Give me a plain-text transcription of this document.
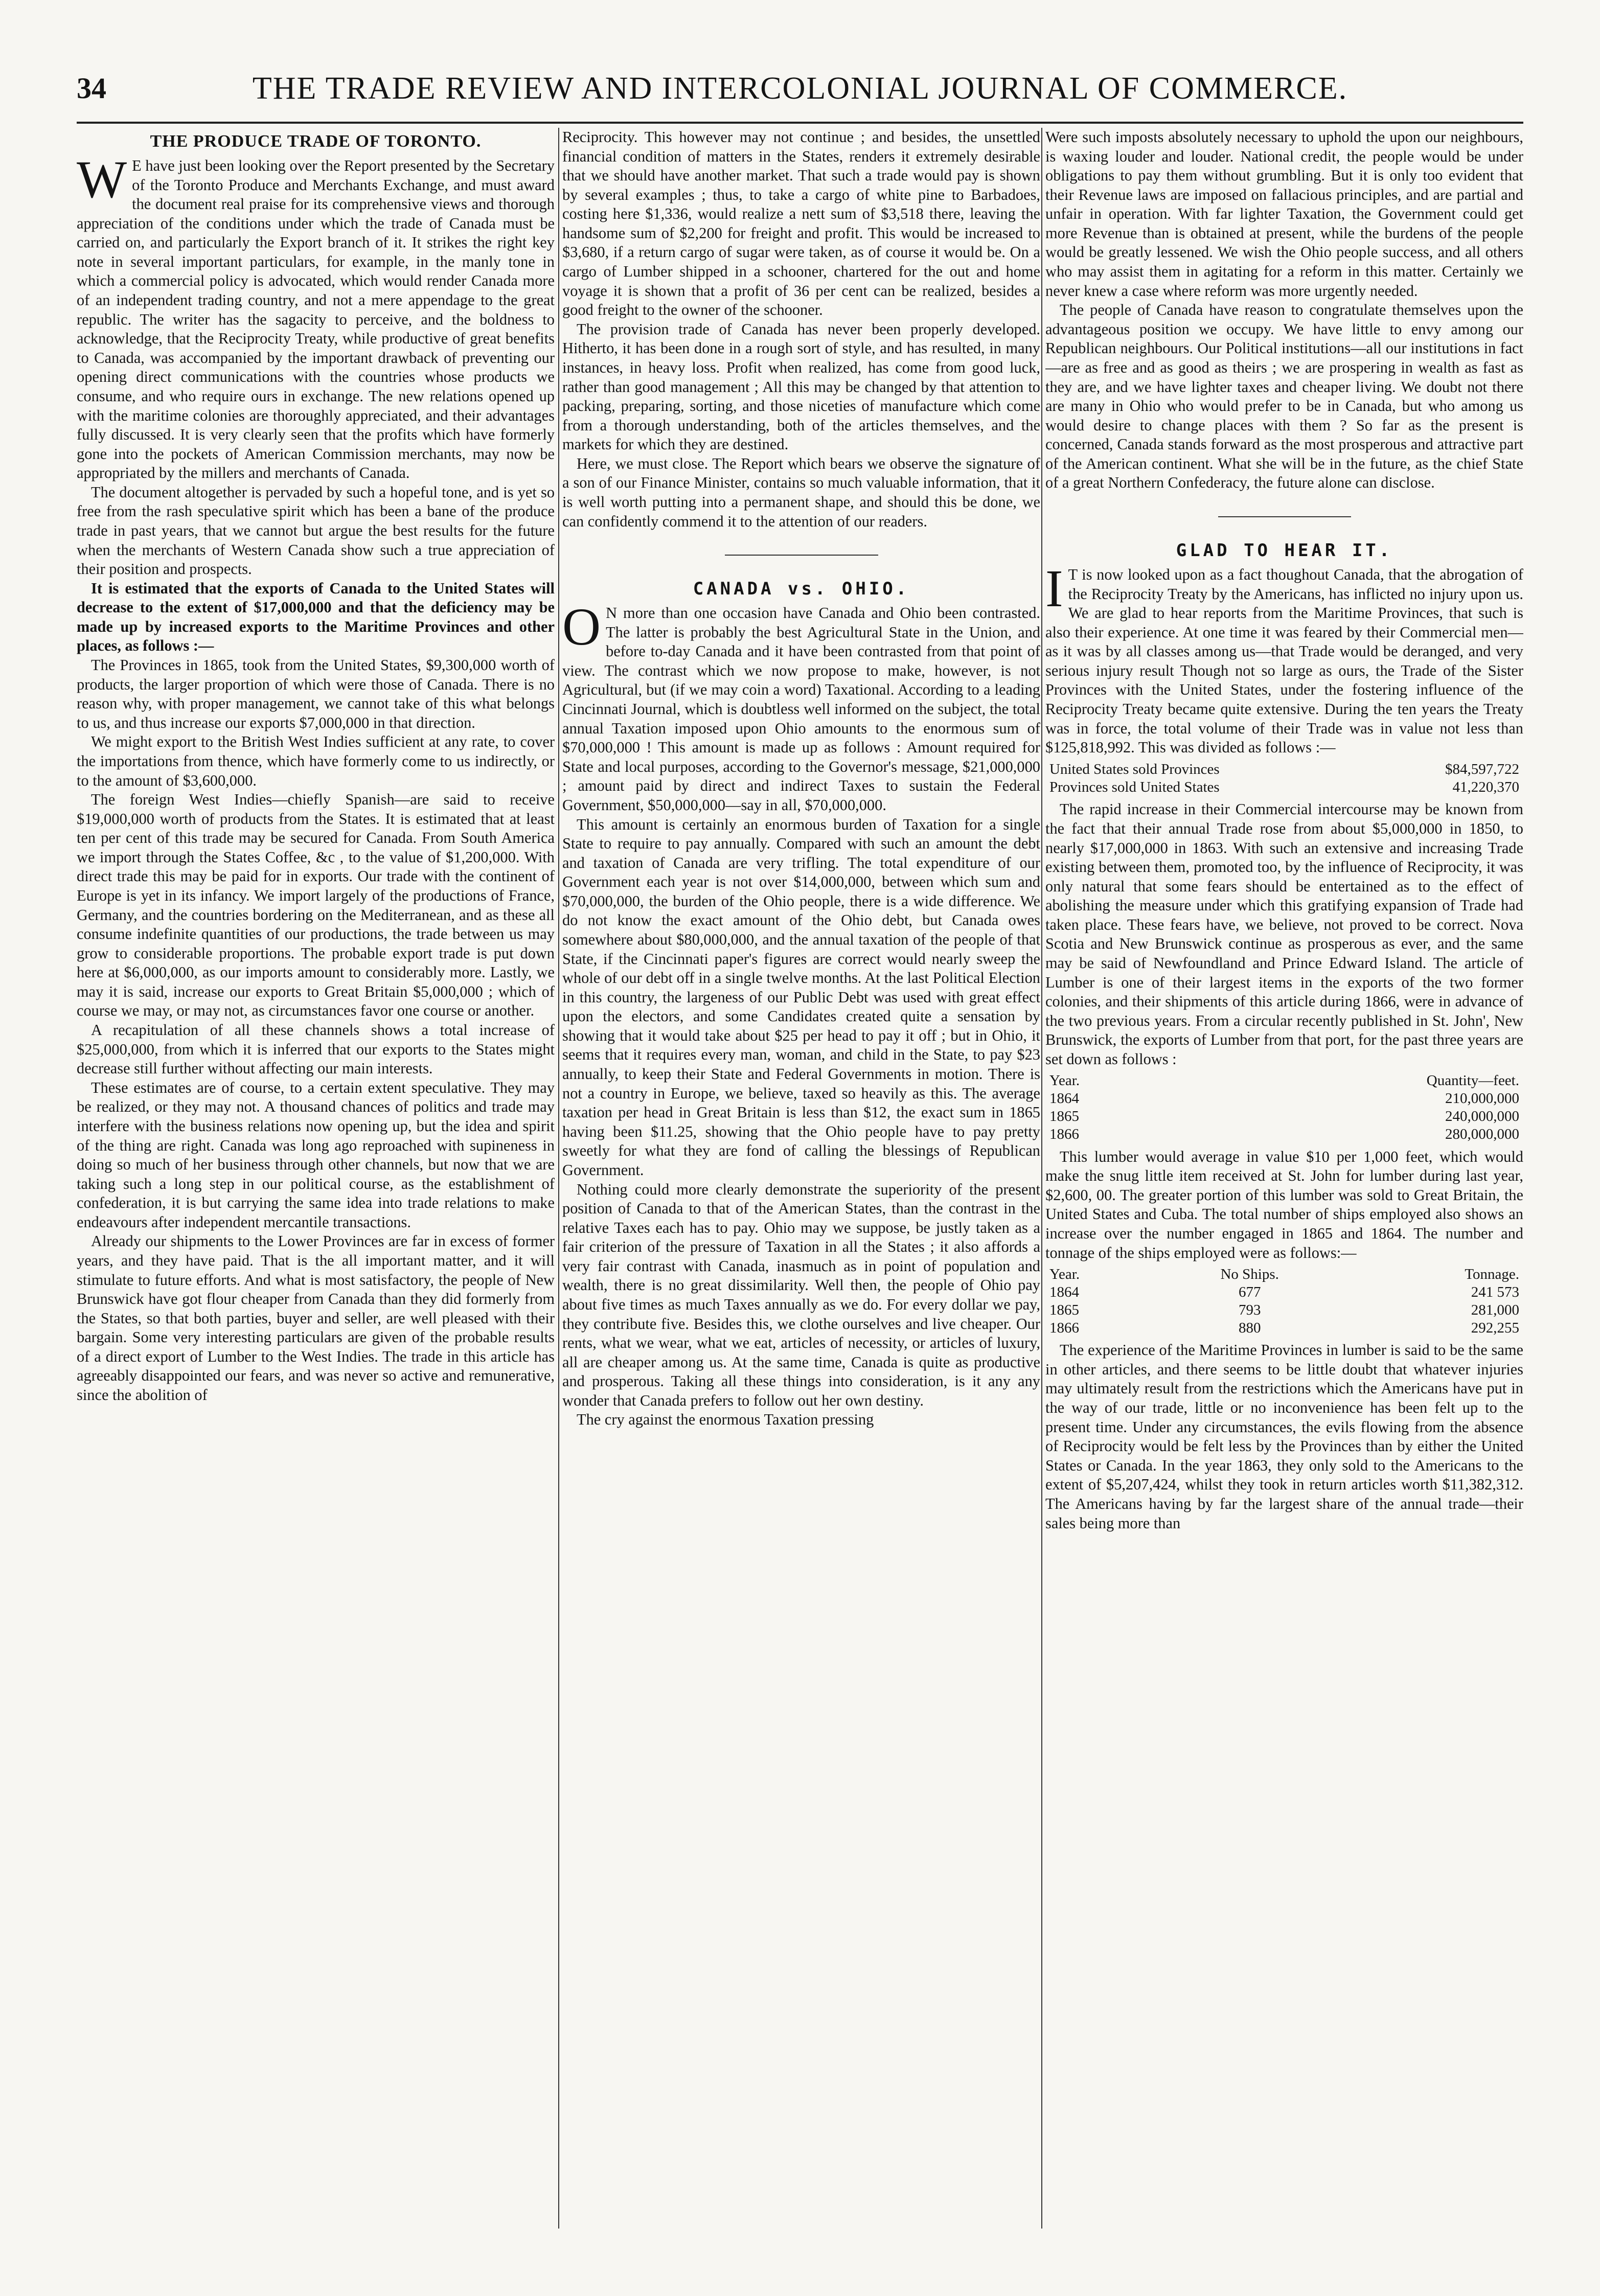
34	THE TRADE REVIEW AND INTERCOLONIAL JOURNAL OF COMMERCE.
THE PRODUCE TRADE OF TORONTO.

W E have just been looking over the Report presented by the Secretary of the Toronto Produce and Merchants Exchange, and must award the document real praise for its comprehensive views and thorough appreciation of the conditions under which the trade of Canada must be carried on, and particularly the Export branch of it. It strikes the right key note in several important particulars, for example, in the manly tone in which a commercial policy is advocated, which would render Canada more of an independent trading country, and not a mere appendage to the great republic. The writer has the sagacity to perceive, and the boldness to acknowledge, that the Reciprocity Treaty, while productive of great benefits to Canada, was accompanied by the important drawback of preventing our opening direct communications with the countries whose products we consume, and who require ours in exchange. The new relations opened up with the maritime colonies are thoroughly appreciated, and their advantages fully discussed. It is very clearly seen that the profits which have formerly gone into the pockets of American Commission merchants, may now be appropriated by the millers and merchants of Canada.

The document altogether is pervaded by such a hopeful tone, and is yet so free from the rash speculative spirit which has been a bane of the produce trade in past years, that we cannot but argue the best results for the future when the merchants of Western Canada show such a true appreciation of their position and prospects.

It is estimated that the exports of Canada to the United States will decrease to the extent of $17,000,000 and that the deficiency may be made up by increased exports to the Maritime Provinces and other places, as follows :—

The Provinces in 1865, took from the United States, $9,300,000 worth of products, the larger proportion of which were those of Canada. There is no reason why, with proper management, we cannot take of this what belongs to us, and thus increase our exports $7,000,000 in that direction.

We might export to the British West Indies sufficient at any rate, to cover the importations from thence, which have formerly come to us indirectly, or to the amount of $3,600,000.

The foreign West Indies—chiefly Spanish—are said to receive $19,000,000 worth of products from the States. It is estimated that at least ten per cent of this trade may be secured for Canada. From South America we import through the States Coffee, &c , to the value of $1,200,000. With direct trade this may be paid for in exports. Our trade with the continent of Europe is yet in its infancy. We import largely of the productions of France, Germany, and the countries bordering on the Mediterranean, and as these all consume indefinite quantities of our productions, the trade between us may grow to considerable proportions. The probable export trade is put down here at $6,000,000, as our imports amount to considerably more. Lastly, we may it is said, increase our exports to Great Britain $5,000,000 ; which of course we may, or may not, as circumstances favor one course or another.

A recapitulation of all these channels shows a total increase of $25,000,000, from which it is inferred that our exports to the States might decrease still further without affecting our main interests.

These estimates are of course, to a certain extent speculative. They may be realized, or they may not. A thousand chances of politics and trade may interfere with the business relations now opening up, but the idea and spirit of the thing are right. Canada was long ago reproached with supineness in doing so much of her business through other channels, but now that we are taking such a long step in our political course, as the establishment of confederation, it is but carrying the same idea into trade relations to make endeavours after independent mercantile transactions.

Already our shipments to the Lower Provinces are far in excess of former years, and they have paid. That is the all important matter, and it will stimulate to future efforts. And what is most satisfactory, the people of New Brunswick have got flour cheaper from Canada than they did formerly from the States, so that both parties, buyer and seller, are well pleased with their bargain. Some very interesting particulars are given of the probable results of a direct export of Lumber to the West Indies. The trade in this article has agreeably disappointed our fears, and was never so active and remunerative, since the abolition of

Reciprocity. This however may not continue ; and besides, the unsettled financial condition of matters in the States, renders it extremely desirable that we should have another market. That such a trade would pay is shown by several examples ; thus, to take a cargo of white pine to Barbadoes, costing here $1,336, would realize a nett sum of $3,518 there, leaving the handsome sum of $2,200 for freight and profit. This would be increased to $3,680, if a return cargo of sugar were taken, as of course it would be. On a cargo of Lumber shipped in a schooner, chartered for the out and home voyage it is shown that a profit of 36 per cent can be realized, besides a good freight to the owner of the schooner.

The provision trade of Canada has never been properly developed. Hitherto, it has been done in a rough sort of style, and has resulted, in many instances, in heavy loss. Profit when realized, has come from good luck, rather than good management ; All this may be changed by that attention to packing, preparing, sorting, and those niceties of manufacture which come from a thorough understanding, both of the articles themselves, and the markets for which they are destined.

Here, we must close. The Report which bears we observe the signature of a son of our Finance Minister, contains so much valuable information, that it is well worth putting into a permanent shape, and should this be done, we can confidently commend it to the attention of our readers.

CANADA vs. OHIO.

O N more than one occasion have Canada and Ohio been contrasted. The latter is probably the best Agricultural State in the Union, and before to-day Canada and it have been contrasted from that point of view. The contrast which we now propose to make, however, is not Agricultural, but (if we may coin a word) Taxational. According to a leading Cincinnati Journal, which is doubtless well informed on the subject, the total annual Taxation imposed upon Ohio amounts to the enormous sum of $70,000,000 ! This amount is made up as follows : Amount required for State and local purposes, according to the Governor's message, $21,000,000 ; amount paid by direct and indirect Taxes to sustain the Federal Government, $50,000,000—say in all, $70,000,000.

This amount is certainly an enormous burden of Taxation for a single State to require to pay annually. Compared with such an amount the debt and taxation of Canada are very trifling. The total expenditure of our Government each year is not over $14,000,000, between which sum and $70,000,000, the burden of the Ohio people, there is a wide difference. We do not know the exact amount of the Ohio debt, but Canada owes somewhere about $80,000,000, and the annual taxation of the people of that State, if the Cincinnati paper's figures are correct would nearly sweep the whole of our debt off in a single twelve months. At the last Political Election in this country, the largeness of our Public Debt was used with great effect upon the electors, and some Candidates created quite a sensation by showing that it would take about $25 per head to pay it off ; but in Ohio, it seems that it requires every man, woman, and child in the State, to pay $23 annually, to keep their State and Federal Governments in motion. There is not a country in Europe, we believe, taxed so heavily as this. The average taxation per head in Great Britain is less than $12, the exact sum in 1865 having been $11.25, showing that the Ohio people have to pay pretty sweetly for what they are fond of calling the blessings of Republican Government.

Nothing could more clearly demonstrate the superiority of the present position of Canada to that of the American States, than the contrast in the relative Taxes each has to pay. Ohio may we suppose, be justly taken as a fair criterion of the pressure of Taxation in all the States ; it also affords a very fair contrast with Canada, inasmuch as in point of population and wealth, there is no great dissimilarity. Well then, the people of Ohio pay about five times as much Taxes annually as we do. For every dollar we pay, they contribute five. Besides this, we clothe ourselves and live cheaper. Our rents, what we wear, what we eat, articles of necessity, or articles of luxury, all are cheaper among us. At the same time, Canada is quite as productive and prosperous. Taking all these things into consideration, is it any any wonder that Canada prefers to follow out her own destiny.

The cry against the enormous Taxation pressing

Were such imposts absolutely necessary to uphold the upon our neighbours, is waxing louder and louder. National credit, the people would be under obligations to pay them without grumbling. But it is only too evident that their Revenue laws are imposed on fallacious principles, and are partial and unfair in operation. With far lighter Taxation, the Government could get more Revenue than is obtained at present, while the burdens of the people would be greatly lessened. We wish the Ohio people success, and all others who may assist them in agitating for a reform in this matter. Certainly we never knew a case where reform was more urgently needed.

The people of Canada have reason to congratulate themselves upon the advantageous position we occupy. We have little to envy among our Republican neighbours. Our Political institutions—all our institutions in fact—are as free and as good as theirs ; we are prospering in wealth as fast as they are, and we have lighter taxes and cheaper living. We doubt not there are many in Ohio who would prefer to be in Canada, but who among us would desire to change places with them ? So far as the present is concerned, Canada stands forward as the most prosperous and attractive part of the American continent. What she will be in the future, as the chief State of a great Northern Confederacy, the future alone can disclose.

GLAD TO HEAR IT.

I T is now looked upon as a fact thoughout Canada, that the abrogation of the Reciprocity Treaty by the Americans, has inflicted no injury upon us. We are glad to hear reports from the Maritime Provinces, that such is also their experience. At one time it was feared by their Commercial men—as it was by all classes among us—that Trade would be deranged, and very serious injury result Though not so large as ours, the Trade of the Sister Provinces with the United States, under the fostering influence of the Reciprocity Treaty became quite extensive. During the ten years the Treaty was in force, the total volume of their Trade was in value not less than $125,818,992. This was divided as follows :—

United States sold Provinces	$84,597,722
Provinces sold United States	41,220,370

The rapid increase in their Commercial intercourse may be known from the fact that their annual Trade rose from about $5,000,000 in 1850, to nearly $17,000,000 in 1863. With such an extensive and increasing Trade existing between them, promoted too, by the influence of Reciprocity, it was only natural that some fears should be entertained as to the effect of abolishing the measure under which this gratifying expansion of Trade had taken place. These fears have, we believe, not proved to be correct. Nova Scotia and New Brunswick continue as prosperous as ever, and the same may be said of Newfoundland and Prince Edward Island. The article of Lumber is one of their largest items in the exports of the two former colonies, and their shipments of this article during 1866, were in advance of the two previous years. From a circular recently published in St. John', New Brunswick, the exports of Lumber from that port, for the past three years are set down as follows :

Year.	Quantity—feet.
1864	210,000,000
1865	240,000,000
1866	280,000,000

This lumber would average in value $10 per 1,000 feet, which would make the snug little item received at St. John for lumber during last year, $2,600, 00. The greater portion of this lumber was sold to Great Britain, the United States and Cuba. The total number of ships employed also shows an increase over the number engaged in 1865 and 1864. The number and tonnage of the ships employed were as follows:—

Year.	No Ships.	Tonnage.
1864	677	241 573
1865	793	281,000
1866	880	292,255

The experience of the Maritime Provinces in lumber is said to be the same in other articles, and there seems to be little doubt that whatever injuries may ultimately result from the restrictions which the Americans have put in the way of our trade, little or no inconvenience has been felt up to the present time. Under any circumstances, the evils flowing from the absence of Reciprocity would be felt less by the Provinces than by either the United States or Canada. In the year 1863, they only sold to the Americans to the extent of $5,207,424, whilst they took in return articles worth $11,382,312. The Americans having by far the largest share of the annual trade—their sales being more than
